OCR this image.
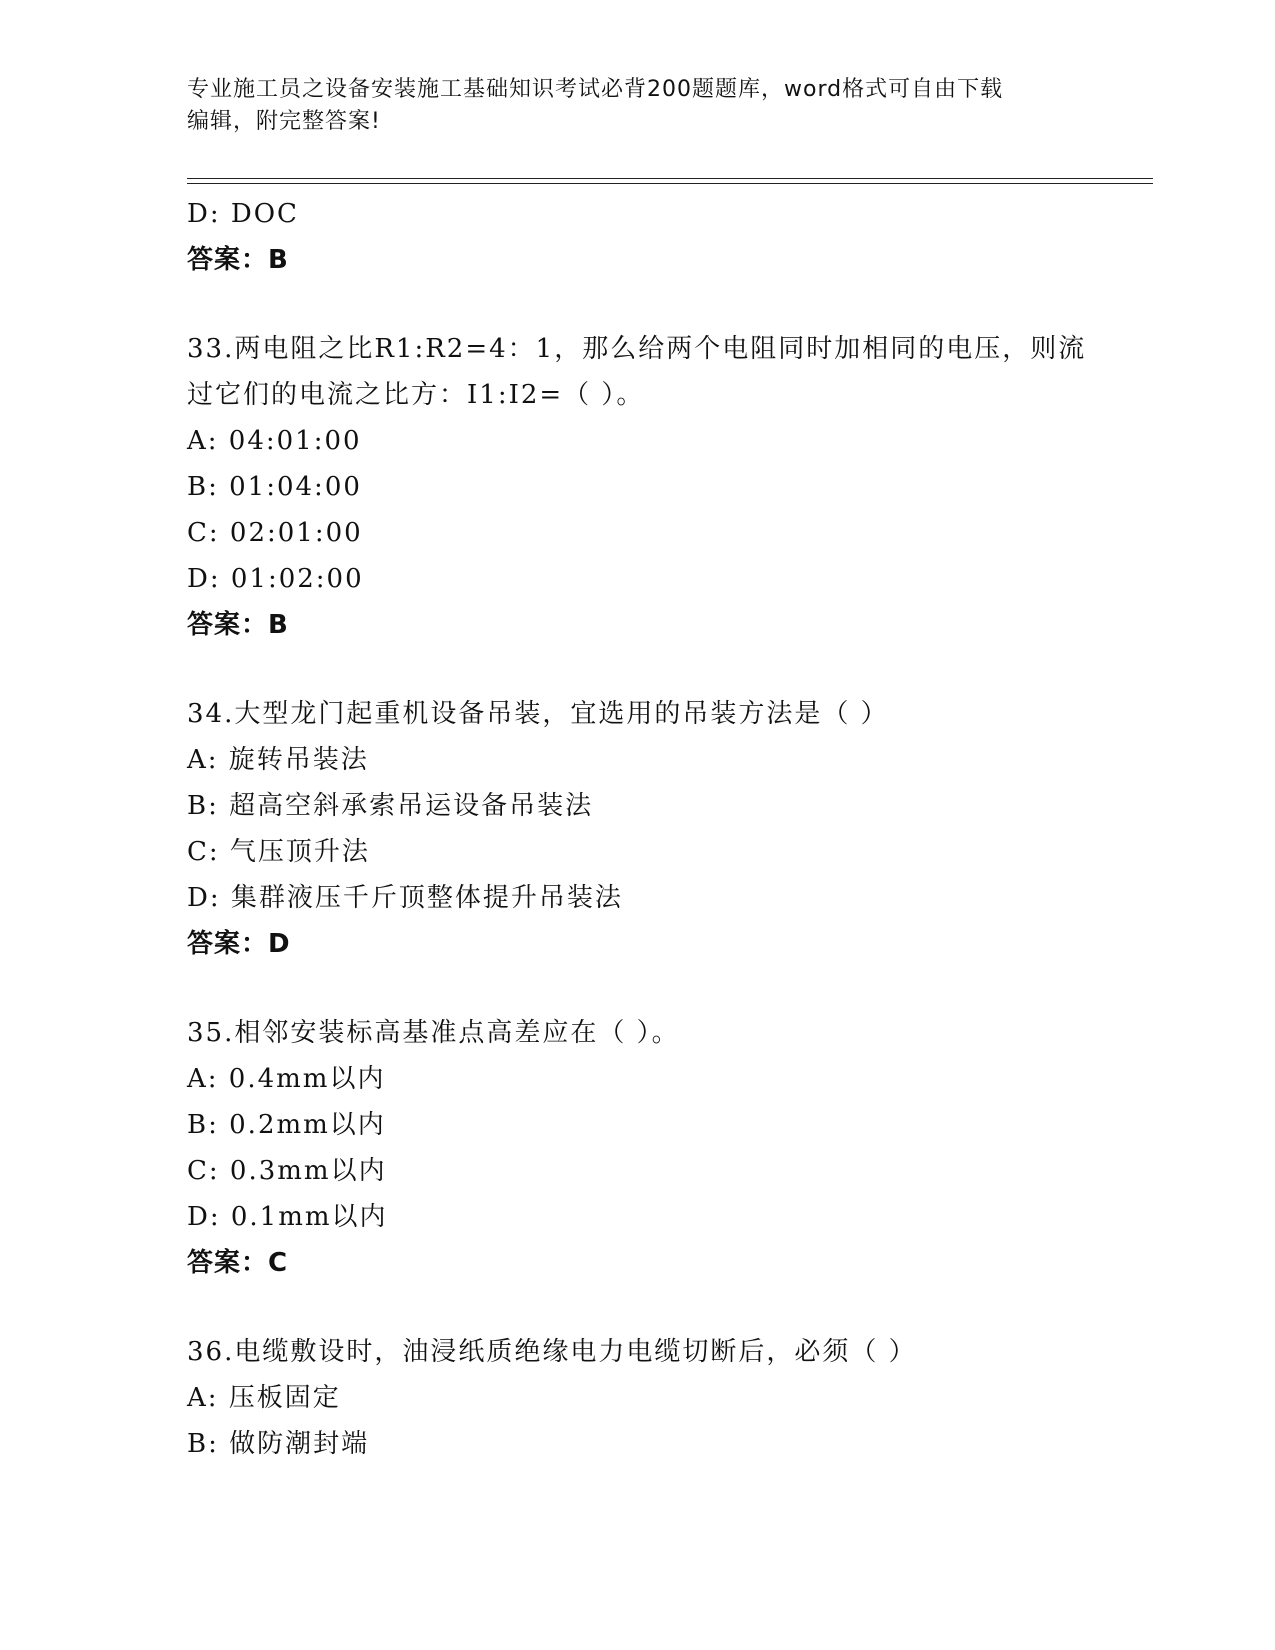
专业施工员之设备安装施工基础知识考试必背200题题库，word格式可自由下载
编辑，附完整答案!
D: DOC
答案：B
33.两电阻之比R1:R2=4：1，那么给两个电阻同时加相同的电压，则流
过它们的电流之比方：I1:I2=（ ）。
A: 04:01:00
B: 01:04:00
C: 02:01:00
D: 01:02:00
答案：B
34.大型龙门起重机设备吊装，宜选用的吊装方法是（ ）
A: 旋转吊装法
B: 超高空斜承索吊运设备吊装法
C: 气压顶升法
D: 集群液压千斤顶整体提升吊装法
答案：D
35.相邻安装标高基准点高差应在（ ）。
A: 0.4mm以内
B: 0.2mm以内
C: 0.3mm以内
D: 0.1mm以内
答案：C
36.电缆敷设时，油浸纸质绝缘电力电缆切断后，必须（ ）
A: 压板固定
B: 做防潮封端
